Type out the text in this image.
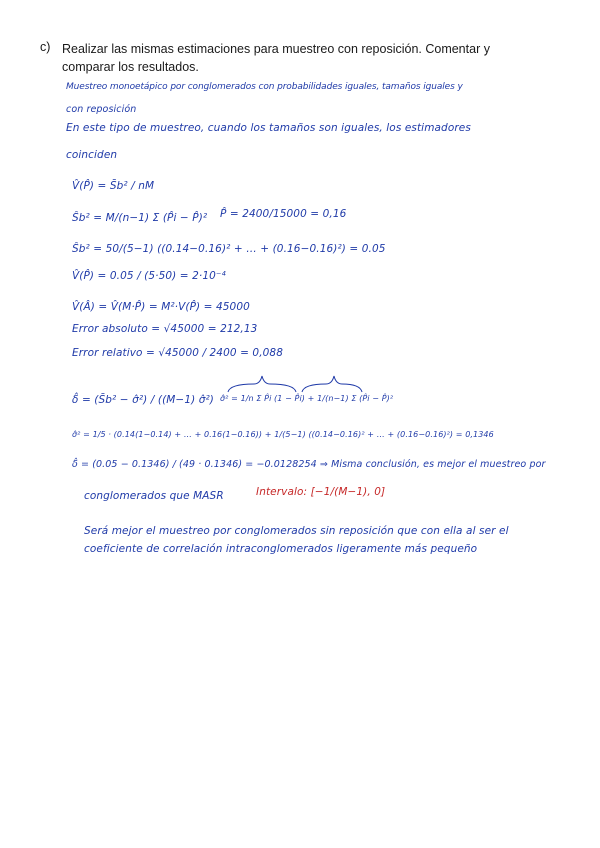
c) Realizar las mismas estimaciones para muestreo con reposición. Comentar y comparar los resultados.
Muestreo monoetápico por conglomerados con probabilidades iguales, tamaños iguales y
con reposición
En este tipo de muestreo, cuando los tamaños son iguales, los estimadores
coinciden
V̂(P̂) = S̄b² / nM
Ŝb² = M/(n−1) Σ (P̂i − P̂)² P̂ = 2400/15000 = 0,16
Ŝb² = 50/(5−1) ((0.14−0.16)² + … + (0.16−0.16)²) = 0.05
V̂(P̂) = 0.05 / (5·50) = 2·10⁻⁴
V̂(Â) = V̂(M·P̂) = M²·V(P̂) = 45000
Error absoluto = √45000 = 212,13
Error relativo = √45000 / 2400 = 0,088
δ̂ = (S̄b² − σ̂²) / ((M−1) σ̂²) σ̂² = 1/n Σ P̂i (1 − P̂i) + 1/(n−1) Σ (P̂i − P̂)²
σ̂² = 1/5 · (0.14(1−0.14) + … + 0.16(1−0.16)) + 1/(5−1) ((0.14−0.16)² + … + (0.16−0.16)²) = 0,1346
δ̂ = (0.05 − 0.1346) / (49 · 0.1346) = −0.0128254 ⇒ Misma conclusión, es mejor el muestreo por
conglomerados que MASR	Intervalo: [−1/(M−1), 0]
Será mejor el muestreo por conglomerados sin reposición que con ella al ser el
coeficiente de correlación intraconglomerados ligeramente más pequeño
